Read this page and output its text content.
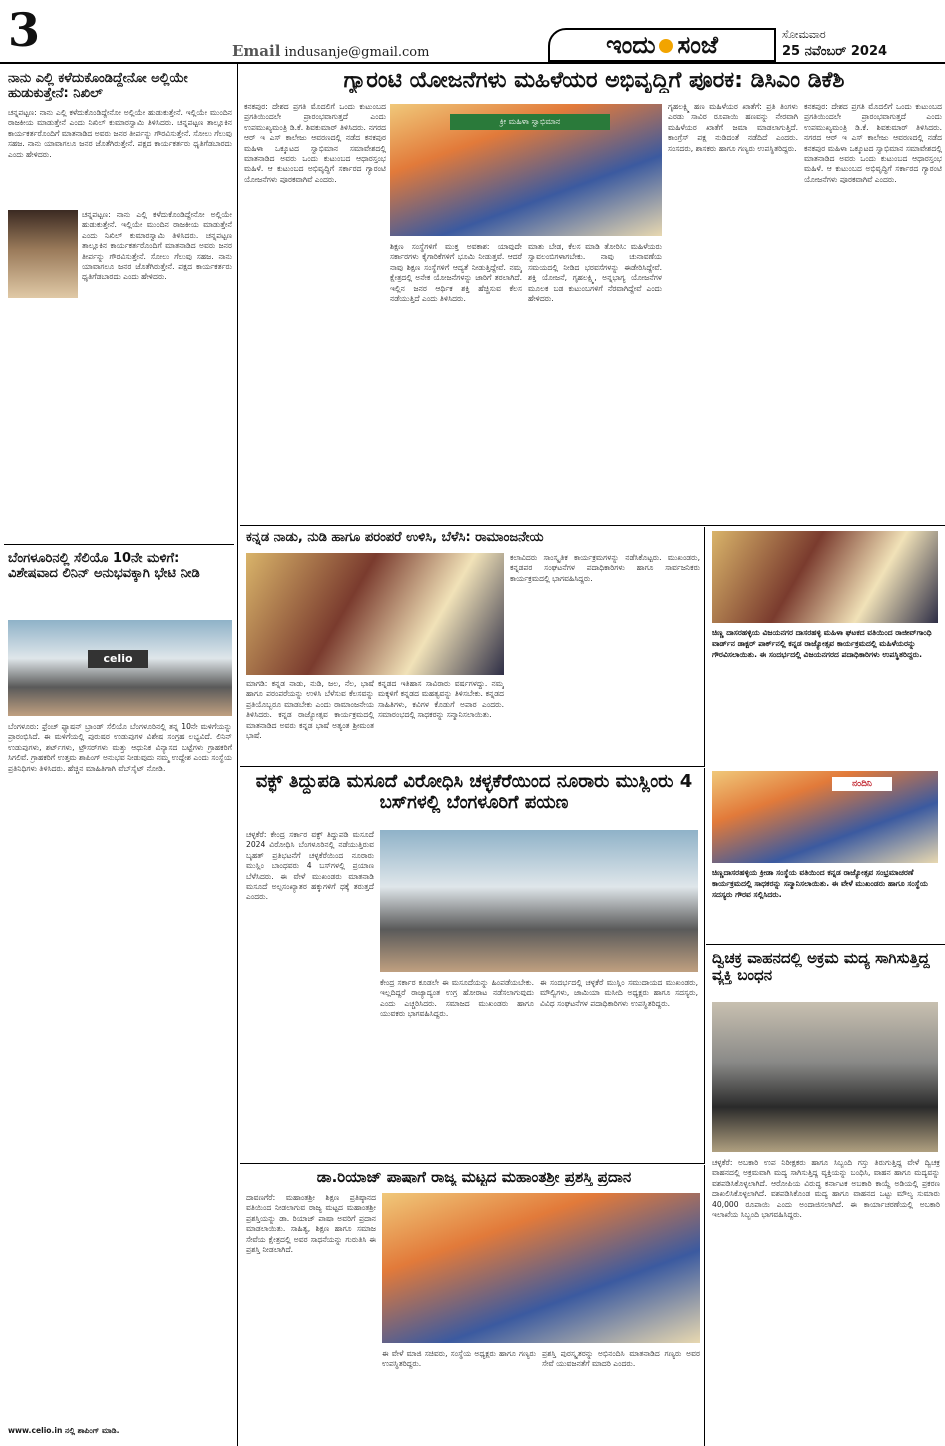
3	Email indusanje@gmail.com	ಇಂದು ಸಂಜೆ	ಸೋಮವಾರ
25 ನವೆಂಬರ್ 2024
ನಾನು ಎಲ್ಲಿ ಕಳೆದುಕೊಂಡಿದ್ದೇನೋ ಅಲ್ಲಿಯೇ ಹುಡುಕುತ್ತೇನೆ: ನಿಖಿಲ್
ಚನ್ನಪಟ್ಟಣ: ನಾನು ಎಲ್ಲಿ ಕಳೆದುಕೊಂಡಿದ್ದೇನೋ ಅಲ್ಲಿಯೇ ಹುಡುಕುತ್ತೇನೆ. ಇಲ್ಲಿಯೇ ಮುಂದಿನ ರಾಜಕೀಯ ಮಾಡುತ್ತೇನೆ ಎಂದು ನಿಖಿಲ್ ಕುಮಾರಸ್ವಾಮಿ ತಿಳಿಸಿದರು. ಚನ್ನಪಟ್ಟಣ ತಾಲ್ಲೂಕಿನ ಕಾರ್ಯಕರ್ತರೊಂದಿಗೆ ಮಾತನಾಡಿದ ಅವರು ಜನರ ತೀರ್ಪನ್ನು ಗೌರವಿಸುತ್ತೇನೆ. ಸೋಲು ಗೆಲುವು ಸಹಜ. ನಾನು ಯಾವಾಗಲೂ ಜನರ ಜೊತೆಗಿರುತ್ತೇನೆ. ಪಕ್ಷದ ಕಾರ್ಯಕರ್ತರು ಧೃತಿಗೆಡಬಾರದು ಎಂದು ಹೇಳಿದರು.
ಚನ್ನಪಟ್ಟಣ: ನಾನು ಎಲ್ಲಿ ಕಳೆದುಕೊಂಡಿದ್ದೇನೋ ಅಲ್ಲಿಯೇ ಹುಡುಕುತ್ತೇನೆ. ಇಲ್ಲಿಯೇ ಮುಂದಿನ ರಾಜಕೀಯ ಮಾಡುತ್ತೇನೆ ಎಂದು ನಿಖಿಲ್ ಕುಮಾರಸ್ವಾಮಿ ತಿಳಿಸಿದರು. ಚನ್ನಪಟ್ಟಣ ತಾಲ್ಲೂಕಿನ ಕಾರ್ಯಕರ್ತರೊಂದಿಗೆ ಮಾತನಾಡಿದ ಅವರು ಜನರ ತೀರ್ಪನ್ನು ಗೌರವಿಸುತ್ತೇನೆ. ಸೋಲು ಗೆಲುವು ಸಹಜ. ನಾನು ಯಾವಾಗಲೂ ಜನರ ಜೊತೆಗಿರುತ್ತೇನೆ. ಪಕ್ಷದ ಕಾರ್ಯಕರ್ತರು ಧೃತಿಗೆಡಬಾರದು ಎಂದು ಹೇಳಿದರು.
ಬೆಂಗಳೂರಿನಲ್ಲಿ ಸೆಲಿಯೊ 10ನೇ ಮಳಿಗೆ: ವಿಶೇಷವಾದ ಲಿನಿನ್ ಅನುಭವಕ್ಕಾಗಿ ಭೇಟಿ ನೀಡಿ
celio
ಬೆಂಗಳೂರು: ಫ್ರೆಂಚ್ ಫ್ಯಾಷನ್ ಬ್ರಾಂಡ್ ಸೆಲಿಯೊ ಬೆಂಗಳೂರಿನಲ್ಲಿ ತನ್ನ 10ನೇ ಮಳಿಗೆಯನ್ನು ಪ್ರಾರಂಭಿಸಿದೆ. ಈ ಮಳಿಗೆಯಲ್ಲಿ ಪುರುಷರ ಉಡುಪುಗಳ ವಿಶೇಷ ಸಂಗ್ರಹ ಲಭ್ಯವಿದೆ. ಲಿನಿನ್ ಉಡುಪುಗಳು, ಶರ್ಟ್‌ಗಳು, ಟ್ರೌಸರ್‌ಗಳು ಮತ್ತು ಆಧುನಿಕ ವಿನ್ಯಾಸದ ಬಟ್ಟೆಗಳು ಗ್ರಾಹಕರಿಗೆ ಸಿಗಲಿವೆ. ಗ್ರಾಹಕರಿಗೆ ಉತ್ತಮ ಶಾಪಿಂಗ್ ಅನುಭವ ನೀಡುವುದು ನಮ್ಮ ಉದ್ದೇಶ ಎಂದು ಸಂಸ್ಥೆಯ ಪ್ರತಿನಿಧಿಗಳು ತಿಳಿಸಿದರು. ಹೆಚ್ಚಿನ ಮಾಹಿತಿಗಾಗಿ ವೆಬ್‌ಸೈಟ್ ನೋಡಿ.
www.celio.in ನಲ್ಲಿ ಶಾಪಿಂಗ್ ಮಾಡಿ.
ಗ್ಯಾರಂಟಿ ಯೋಜನೆಗಳು ಮಹಿಳೆಯರ ಅಭಿವೃದ್ಧಿಗೆ ಪೂರಕ: ಡಿಸಿಎಂ ಡಿಕೆಶಿ
ಕನಕಪುರ: ದೇಶದ ಪ್ರಗತಿ ಮೊದಲಿಗೆ ಒಂದು ಕುಟುಂಬದ ಪ್ರಗತಿಯಿಂದಲೇ ಪ್ರಾರಂಭವಾಗುತ್ತದೆ ಎಂದು ಉಪಮುಖ್ಯಮಂತ್ರಿ ಡಿ.ಕೆ. ಶಿವಕುಮಾರ್ ತಿಳಿಸಿದರು. ನಗರದ ಆರ್ ಇ ಎಸ್ ಕಾಲೇಜು ಆವರಣದಲ್ಲಿ ನಡೆದ ಕನಕಪುರ ಮಹಿಳಾ ಒಕ್ಕೂಟದ ಸ್ವಾಭಿಮಾನ ಸಮಾವೇಶದಲ್ಲಿ ಮಾತನಾಡಿದ ಅವರು ಒಂದು ಕುಟುಂಬದ ಆಧಾರಸ್ತಂಭ ಮಹಿಳೆ. ಆ ಕುಟುಂಬದ ಅಭಿವೃದ್ಧಿಗೆ ಸರ್ಕಾರದ ಗ್ಯಾರಂಟಿ ಯೋಜನೆಗಳು ಪೂರಕವಾಗಿವೆ ಎಂದರು.
ಕ್ರೀ ಮಹಿಳಾ ಸ್ವಾಭಿಮಾನ
ಶಿಕ್ಷಣ ಸಂಸ್ಥೆಗಳಿಗೆ ಮುಕ್ತ ಅವಕಾಶ: ಯಾವುದೇ ಸರ್ಕಾರಗಳು ಕೈಗಾರಿಕೆಗಳಿಗೆ ಭೂಮಿ ನೀಡುತ್ತವೆ. ಆದರೆ ನಾವು ಶಿಕ್ಷಣ ಸಂಸ್ಥೆಗಳಿಗೆ ಆದ್ಯತೆ ನೀಡುತ್ತಿದ್ದೇವೆ. ನಮ್ಮ ಕ್ಷೇತ್ರದಲ್ಲಿ ಅನೇಕ ಯೋಜನೆಗಳನ್ನು ಜಾರಿಗೆ ತರಲಾಗಿದೆ. ಇಲ್ಲಿನ ಜನರ ಆರ್ಥಿಕ ಶಕ್ತಿ ಹೆಚ್ಚಿಸುವ ಕೆಲಸ ನಡೆಯುತ್ತಿದೆ ಎಂದು ತಿಳಿಸಿದರು.
ಮಾತು ಬೇಡ, ಕೆಲಸ ಮಾಡಿ ತೋರಿಸಿ: ಮಹಿಳೆಯರು ಸ್ವಾವಲಂಬಿಗಳಾಗಬೇಕು. ನಾವು ಚುನಾವಣೆಯ ಸಮಯದಲ್ಲಿ ನೀಡಿದ ಭರವಸೆಗಳನ್ನು ಈಡೇರಿಸಿದ್ದೇವೆ. ಶಕ್ತಿ ಯೋಜನೆ, ಗೃಹಲಕ್ಷ್ಮಿ, ಅನ್ನಭಾಗ್ಯ ಯೋಜನೆಗಳ ಮೂಲಕ ಬಡ ಕುಟುಂಬಗಳಿಗೆ ನೆರವಾಗಿದ್ದೇವೆ ಎಂದು ಹೇಳಿದರು.
ಗೃಹಲಕ್ಷ್ಮಿ ಹಣ ಮಹಿಳೆಯರ ಖಾತೆಗೆ: ಪ್ರತಿ ತಿಂಗಳು ಎರಡು ಸಾವಿರ ರೂಪಾಯಿ ಹಣವನ್ನು ನೇರವಾಗಿ ಮಹಿಳೆಯರ ಖಾತೆಗೆ ಜಮಾ ಮಾಡಲಾಗುತ್ತಿದೆ. ಕಾಂಗ್ರೆಸ್ ಪಕ್ಷ ನುಡಿದಂತೆ ನಡೆದಿದೆ ಎಂದರು. ಸಂಸದರು, ಶಾಸಕರು ಹಾಗೂ ಗಣ್ಯರು ಉಪಸ್ಥಿತರಿದ್ದರು.
ಕನಕಪುರ: ದೇಶದ ಪ್ರಗತಿ ಮೊದಲಿಗೆ ಒಂದು ಕುಟುಂಬದ ಪ್ರಗತಿಯಿಂದಲೇ ಪ್ರಾರಂಭವಾಗುತ್ತದೆ ಎಂದು ಉಪಮುಖ್ಯಮಂತ್ರಿ ಡಿ.ಕೆ. ಶಿವಕುಮಾರ್ ತಿಳಿಸಿದರು. ನಗರದ ಆರ್ ಇ ಎಸ್ ಕಾಲೇಜು ಆವರಣದಲ್ಲಿ ನಡೆದ ಕನಕಪುರ ಮಹಿಳಾ ಒಕ್ಕೂಟದ ಸ್ವಾಭಿಮಾನ ಸಮಾವೇಶದಲ್ಲಿ ಮಾತನಾಡಿದ ಅವರು ಒಂದು ಕುಟುಂಬದ ಆಧಾರಸ್ತಂಭ ಮಹಿಳೆ. ಆ ಕುಟುಂಬದ ಅಭಿವೃದ್ಧಿಗೆ ಸರ್ಕಾರದ ಗ್ಯಾರಂಟಿ ಯೋಜನೆಗಳು ಪೂರಕವಾಗಿವೆ ಎಂದರು.
ಕನ್ನಡ ನಾಡು, ನುಡಿ ಹಾಗೂ ಪರಂಪರೆ ಉಳಿಸಿ, ಬೆಳೆಸಿ: ರಾಮಾಂಜನೇಯ
ಮಾಗಡಿ: ಕನ್ನಡ ನಾಡು, ನುಡಿ, ಜಲ, ನೆಲ, ಭಾಷೆ ಹಾಗೂ ಪರಂಪರೆಯನ್ನು ಉಳಿಸಿ ಬೆಳೆಸುವ ಕೆಲಸವನ್ನು ಪ್ರತಿಯೊಬ್ಬರೂ ಮಾಡಬೇಕು ಎಂದು ರಾಮಾಂಜನೇಯ ತಿಳಿಸಿದರು. ಕನ್ನಡ ರಾಜ್ಯೋತ್ಸವ ಕಾರ್ಯಕ್ರಮದಲ್ಲಿ ಮಾತನಾಡಿದ ಅವರು ಕನ್ನಡ ಭಾಷೆ ಅತ್ಯಂತ ಶ್ರೀಮಂತ ಭಾಷೆ.
ಕನ್ನಡದ ಇತಿಹಾಸ ಸಾವಿರಾರು ವರ್ಷಗಳದ್ದು. ನಮ್ಮ ಮಕ್ಕಳಿಗೆ ಕನ್ನಡದ ಮಹತ್ವವನ್ನು ತಿಳಿಸಬೇಕು. ಕನ್ನಡದ ಸಾಹಿತಿಗಳು, ಕವಿಗಳ ಕೊಡುಗೆ ಅಪಾರ ಎಂದರು. ಸಮಾರಂಭದಲ್ಲಿ ಸಾಧಕರನ್ನು ಸನ್ಮಾನಿಸಲಾಯಿತು.
ಕಲಾವಿದರು ಸಾಂಸ್ಕೃತಿಕ ಕಾರ್ಯಕ್ರಮಗಳನ್ನು ನಡೆಸಿಕೊಟ್ಟರು. ಮುಖಂಡರು, ಕನ್ನಡಪರ ಸಂಘಟನೆಗಳ ಪದಾಧಿಕಾರಿಗಳು ಹಾಗೂ ಸಾರ್ವಜನಿಕರು ಕಾರ್ಯಕ್ರಮದಲ್ಲಿ ಭಾಗವಹಿಸಿದ್ದರು.
ಚಿಣ್ಣ ದಾಸರಹಳ್ಳಿಯ ವಿಜಯನಗರ ದಾಸರಹಳ್ಳಿ ಮಹಿಳಾ ಘಟಕದ ವತಿಯಿಂದ ರಾಜೀವ್‌ಗಾಂಧಿ ವಾರ್ಡ್‌ನ ಡಾಕ್ಟರ್ ಪಾರ್ಕ್‌ನಲ್ಲಿ ಕನ್ನಡ ರಾಜ್ಯೋತ್ಸವ ಕಾರ್ಯಕ್ರಮದಲ್ಲಿ ಮಹಿಳೆಯರನ್ನು ಗೌರವಿಸಲಾಯಿತು. ಈ ಸಂದರ್ಭದಲ್ಲಿ ವಿಜಯನಗರದ ಪದಾಧಿಕಾರಿಗಳು ಉಪಸ್ಥಿತರಿದ್ದರು.
ನಂದಿನಿ
ಚಿಣ್ಣದಾಸರಹಳ್ಳಿಯ ಕ್ರೀಡಾ ಸಂಸ್ಥೆಯ ವತಿಯಿಂದ ಕನ್ನಡ ರಾಜ್ಯೋತ್ಸವ ಸಂಭ್ರಮಾಚರಣೆ ಕಾರ್ಯಕ್ರಮದಲ್ಲಿ ಸಾಧಕರನ್ನು ಸನ್ಮಾನಿಸಲಾಯಿತು. ಈ ವೇಳೆ ಮುಖಂಡರು ಹಾಗೂ ಸಂಸ್ಥೆಯ ಸದಸ್ಯರು ಗೌರವ ಸಲ್ಲಿಸಿದರು.
ವಕ್ಫ್ ತಿದ್ದುಪಡಿ ಮಸೂದೆ ವಿರೋಧಿಸಿ ಚಳ್ಳಕೆರೆಯಿಂದ ನೂರಾರು ಮುಸ್ಲಿಂರು 4 ಬಸ್‌ಗಳಲ್ಲಿ ಬೆಂಗಳೂರಿಗೆ ಪಯಣ
ಚಳ್ಳಕೆರೆ: ಕೇಂದ್ರ ಸರ್ಕಾರ ವಕ್ಫ್ ತಿದ್ದುಪಡಿ ಮಸೂದೆ 2024 ವಿರೋಧಿಸಿ ಬೆಂಗಳೂರಿನಲ್ಲಿ ನಡೆಯುತ್ತಿರುವ ಬೃಹತ್ ಪ್ರತಿಭಟನೆಗೆ ಚಳ್ಳಕೆರೆಯಿಂದ ನೂರಾರು ಮುಸ್ಲಿಂ ಬಾಂಧವರು 4 ಬಸ್‌ಗಳಲ್ಲಿ ಪ್ರಯಾಣ ಬೆಳೆಸಿದರು. ಈ ವೇಳೆ ಮುಖಂಡರು ಮಾತನಾಡಿ ಮಸೂದೆ ಅಲ್ಪಸಂಖ್ಯಾತರ ಹಕ್ಕುಗಳಿಗೆ ಧಕ್ಕೆ ತರುತ್ತದೆ ಎಂದರು.
ಕೇಂದ್ರ ಸರ್ಕಾರ ಕೂಡಲೇ ಈ ಮಸೂದೆಯನ್ನು ಹಿಂಪಡೆಯಬೇಕು. ಇಲ್ಲದಿದ್ದರೆ ರಾಜ್ಯಾದ್ಯಂತ ಉಗ್ರ ಹೋರಾಟ ನಡೆಸಲಾಗುವುದು ಎಂದು ಎಚ್ಚರಿಸಿದರು. ಸಮಾಜದ ಮುಖಂಡರು ಹಾಗೂ ಯುವಕರು ಭಾಗವಹಿಸಿದ್ದರು.
ಈ ಸಂದರ್ಭದಲ್ಲಿ ಚಳ್ಳಕೆರೆ ಮುಸ್ಲಿಂ ಸಮುದಾಯದ ಮುಖಂಡರು, ಮೌಲ್ವಿಗಳು, ಜಾಮಿಯಾ ಮಸೀದಿ ಅಧ್ಯಕ್ಷರು ಹಾಗೂ ಸದಸ್ಯರು, ವಿವಿಧ ಸಂಘಟನೆಗಳ ಪದಾಧಿಕಾರಿಗಳು ಉಪಸ್ಥಿತರಿದ್ದರು.
ದ್ವಿಚಕ್ರ ವಾಹನದಲ್ಲಿ ಅಕ್ರಮ ಮದ್ಯ ಸಾಗಿಸುತ್ತಿದ್ದ ವ್ಯಕ್ತಿ ಬಂಧನ
ಚಳ್ಳಕೆರೆ: ಅಬಕಾರಿ ಉಪ ನಿರೀಕ್ಷಕರು ಹಾಗೂ ಸಿಬ್ಬಂದಿ ಗಸ್ತು ತಿರುಗುತ್ತಿದ್ದ ವೇಳೆ ದ್ವಿಚಕ್ರ ವಾಹನದಲ್ಲಿ ಅಕ್ರಮವಾಗಿ ಮದ್ಯ ಸಾಗಿಸುತ್ತಿದ್ದ ವ್ಯಕ್ತಿಯನ್ನು ಬಂಧಿಸಿ, ವಾಹನ ಹಾಗೂ ಮದ್ಯವನ್ನು ವಶಪಡಿಸಿಕೊಳ್ಳಲಾಗಿದೆ. ಆರೋಪಿಯ ವಿರುದ್ಧ ಕರ್ನಾಟಕ ಅಬಕಾರಿ ಕಾಯ್ದೆ ಅಡಿಯಲ್ಲಿ ಪ್ರಕರಣ ದಾಖಲಿಸಿಕೊಳ್ಳಲಾಗಿದೆ. ವಶಪಡಿಸಿಕೊಂಡ ಮದ್ಯ ಹಾಗೂ ವಾಹನದ ಒಟ್ಟು ಮೌಲ್ಯ ಸುಮಾರು 40,000 ರೂಪಾಯಿ ಎಂದು ಅಂದಾಜಿಸಲಾಗಿದೆ. ಈ ಕಾರ್ಯಾಚರಣೆಯಲ್ಲಿ ಅಬಕಾರಿ ಇಲಾಖೆಯ ಸಿಬ್ಬಂದಿ ಭಾಗವಹಿಸಿದ್ದರು.
ಡಾ.ರಿಯಾಜ್ ಪಾಷಾಗೆ ರಾಜ್ಯ ಮಟ್ಟದ ಮಹಾಂತಶ್ರೀ ಪ್ರಶಸ್ತಿ ಪ್ರದಾನ
ದಾವಣಗೆರೆ: ಮಹಾಂತಶ್ರೀ ಶಿಕ್ಷಣ ಪ್ರತಿಷ್ಠಾನದ ವತಿಯಿಂದ ನೀಡಲಾಗುವ ರಾಜ್ಯ ಮಟ್ಟದ ಮಹಾಂತಶ್ರೀ ಪ್ರಶಸ್ತಿಯನ್ನು ಡಾ. ರಿಯಾಜ್ ಪಾಷಾ ಅವರಿಗೆ ಪ್ರದಾನ ಮಾಡಲಾಯಿತು. ಸಾಹಿತ್ಯ, ಶಿಕ್ಷಣ ಹಾಗೂ ಸಮಾಜ ಸೇವೆಯ ಕ್ಷೇತ್ರದಲ್ಲಿ ಅವರ ಸಾಧನೆಯನ್ನು ಗುರುತಿಸಿ ಈ ಪ್ರಶಸ್ತಿ ನೀಡಲಾಗಿದೆ.
ಈ ವೇಳೆ ಮಾಜಿ ಸಚಿವರು, ಸಂಸ್ಥೆಯ ಅಧ್ಯಕ್ಷರು ಹಾಗೂ ಗಣ್ಯರು ಉಪಸ್ಥಿತರಿದ್ದರು.
ಪ್ರಶಸ್ತಿ ಪುರಸ್ಕೃತರನ್ನು ಅಭಿನಂದಿಸಿ ಮಾತನಾಡಿದ ಗಣ್ಯರು ಅವರ ಸೇವೆ ಯುವಜನತೆಗೆ ಮಾದರಿ ಎಂದರು.
